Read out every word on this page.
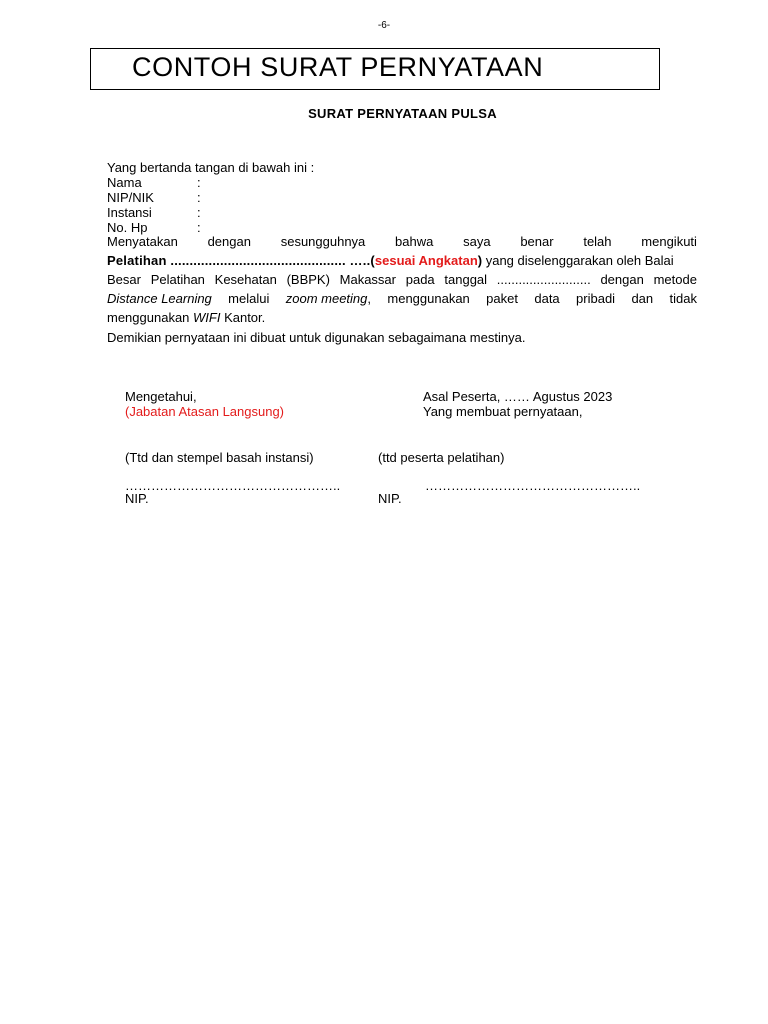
-6-
CONTOH SURAT PERNYATAAN
SURAT PERNYATAAN PULSA
Yang bertanda tangan di bawah ini :
Nama	:
NIP/NIK	:
Instansi	:
No. Hp	:
Menyatakan dengan sesungguhnya bahwa saya benar telah mengikuti
Pelatihan .............................................. …..(sesuai Angkatan) yang diselenggarakan oleh Balai
Besar Pelatihan Kesehatan (BBPK) Makassar pada tanggal .......................... dengan metode
Distance Learning melalui zoom meeting, menggunakan paket data pribadi dan tidak
menggunakan WIFI Kantor.
Demikian pernyataan ini dibuat untuk digunakan sebagaimana mestinya.
Mengetahui,
(Jabatan Atasan Langsung)
(Ttd dan stempel basah instansi)
…………………………………………..
NIP.
Asal Peserta, …… Agustus 2023
Yang membuat pernyataan,
(ttd peserta pelatihan)
…………………………………………..
NIP.
